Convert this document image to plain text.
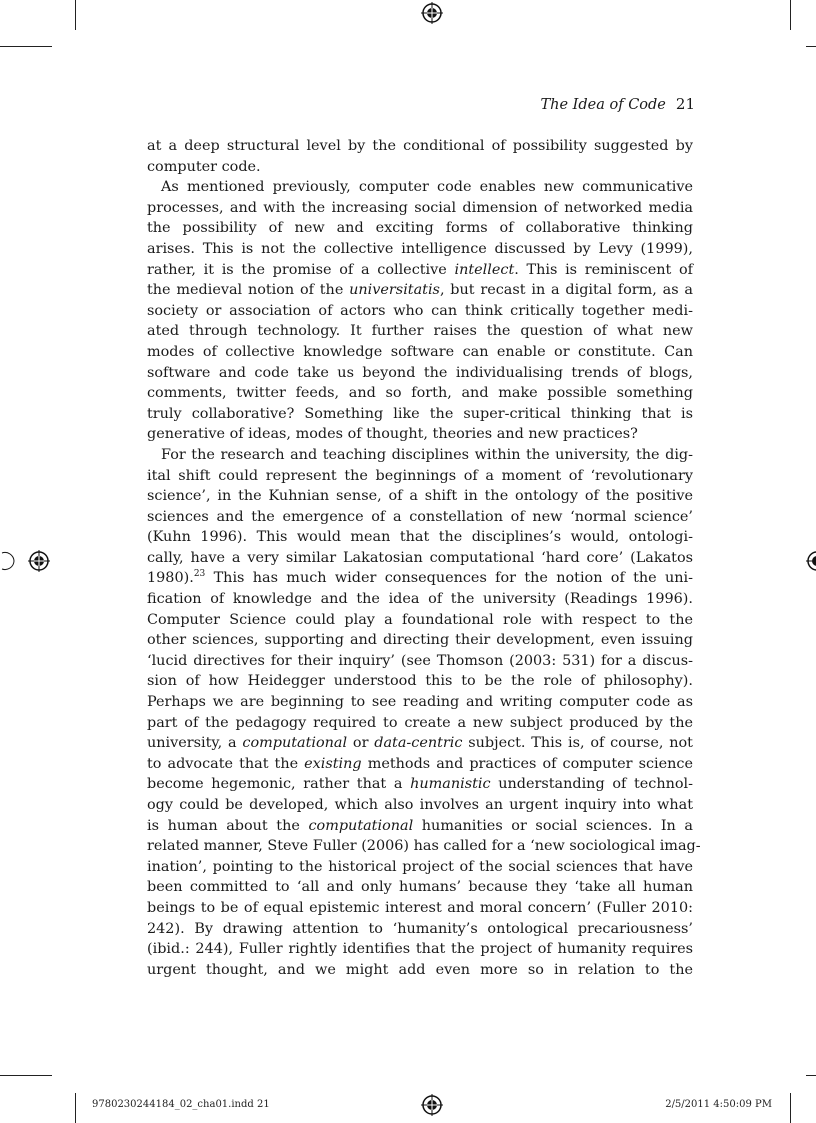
The Idea of Code 21
at a deep structural level by the conditional of possibility suggested by
computer code.
As mentioned previously, computer code enables new communicative
processes, and with the increasing social dimension of networked media
the possibility of new and exciting forms of collaborative thinking
arises. This is not the collective intelligence discussed by Levy (1999),
rather, it is the promise of a collective intellect. This is reminiscent of
the medieval notion of the universitatis, but recast in a digital form, as a
society or association of actors who can think critically together medi-
ated through technology. It further raises the question of what new
modes of collective knowledge software can enable or constitute. Can
software and code take us beyond the individualising trends of blogs,
comments, twitter feeds, and so forth, and make possible something
truly collaborative? Something like the super-critical thinking that is
generative of ideas, modes of thought, theories and new practices?
For the research and teaching disciplines within the university, the dig-
ital shift could represent the beginnings of a moment of ‘revolutionary
science’, in the Kuhnian sense, of a shift in the ontology of the positive
sciences and the emergence of a constellation of new ‘normal science’
(Kuhn 1996). This would mean that the disciplines’s would, ontologi-
cally, have a very similar Lakatosian computational ‘hard core’ (Lakatos
1980).$^{23}$ This has much wider consequences for the notion of the uni-
fication of knowledge and the idea of the university (Readings 1996).
Computer Science could play a foundational role with respect to the
other sciences, supporting and directing their development, even issuing
‘lucid directives for their inquiry’ (see Thomson (2003: 531) for a discus-
sion of how Heidegger understood this to be the role of philosophy).
Perhaps we are beginning to see reading and writing computer code as
part of the pedagogy required to create a new subject produced by the
university, a computational or data-centric subject. This is, of course, not
to advocate that the existing methods and practices of computer science
become hegemonic, rather that a humanistic understanding of technol-
ogy could be developed, which also involves an urgent inquiry into what
is human about the computational humanities or social sciences. In a
related manner, Steve Fuller (2006) has called for a ‘new sociological imag-
ination’, pointing to the historical project of the social sciences that have
been committed to ‘all and only humans’ because they ‘take all human
beings to be of equal epistemic interest and moral concern’ (Fuller 2010:
242). By drawing attention to ‘humanity’s ontological precariousness’
(ibid.: 244), Fuller rightly identifies that the project of humanity requires
urgent thought, and we might add even more so in relation to the
9780230244184_02_cha01.indd 21	2/5/2011 4:50:09 PM
